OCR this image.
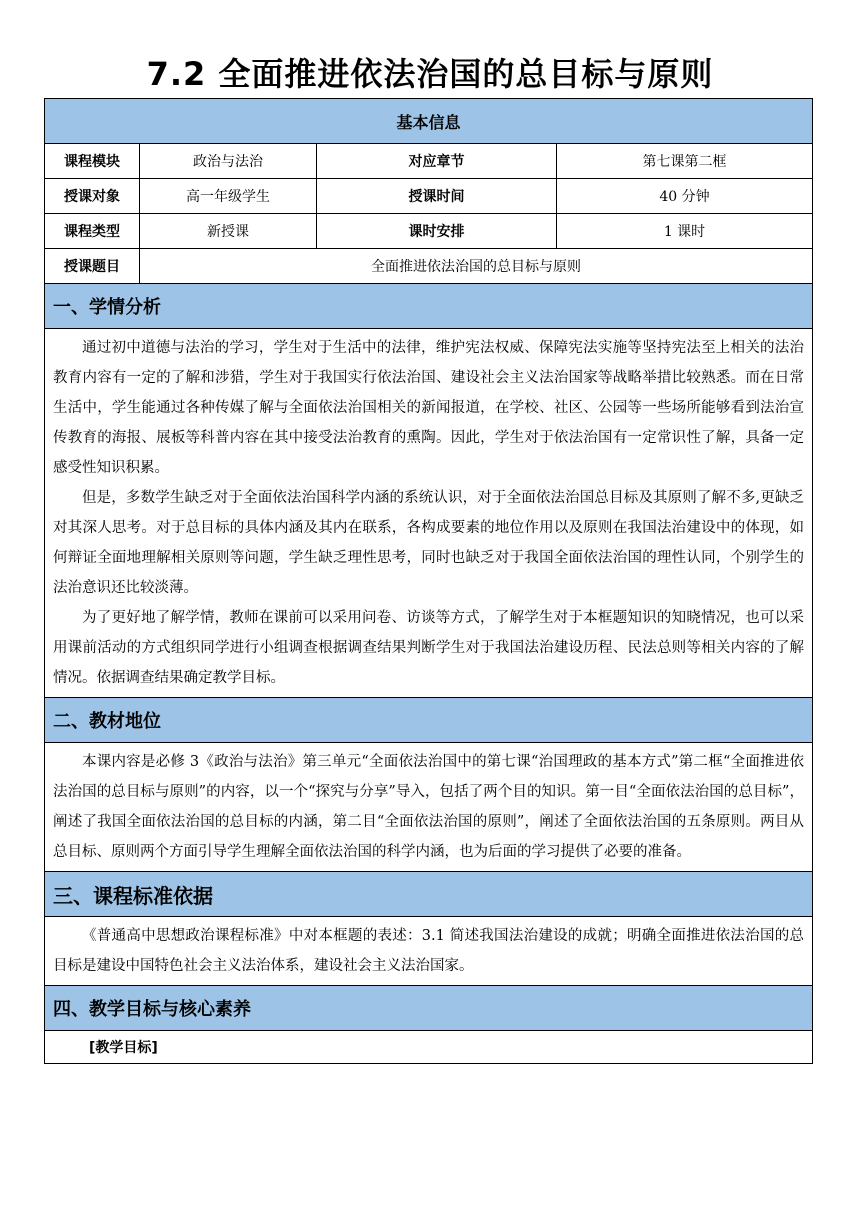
7.2 全面推进依法治国的总目标与原则
基本信息			
课程模块	政治与法治	对应章节	第七课第二框
授课对象	高一年级学生	授课时间	40 分钟
课程类型	新授课	课时安排	1 课时
授课题目	全面推进依法治国的总目标与原则		
一、学情分析			

通过初中道德与法治的学习，学生对于生活中的法律，维护宪法权威、保障宪法实施等坚持宪法至上相关的法治教育内容有一定的了解和涉猎，学生对于我国实行依法治国、建设社会主义法治国家等战略举措比较熟悉。而在日常生活中，学生能通过各种传媒了解与全面依法治国相关的新闻报道，在学校、社区、公园等一些场所能够看到法治宣传教育的海报、展板等科普内容在其中接受法治教育的熏陶。因此，学生对于依法治国有一定常识性了解，具备一定感受性知识积累。

但是，多数学生缺乏对于全面依法治国科学内涵的系统认识，对于全面依法治国总目标及其原则了解不多,更缺乏对其深人思考。对于总目标的具体内涵及其内在联系，各构成要素的地位作用以及原则在我国法治建设中的体现，如何辩证全面地理解相关原则等问题，学生缺乏理性思考，同时也缺乏对于我国全面依法治国的理性认同，个别学生的法治意识还比较淡薄。

为了更好地了解学情，教师在课前可以采用问卷、访谈等方式，了解学生对于本框题知识的知晓情况，也可以采用课前活动的方式组织同学进行小组调查根据调查结果判断学生对于我国法治建设历程、民法总则等相关内容的了解情况。依据调查结果确定教学目标。			

二、教材地位			

本课内容是必修 3《政治与法治》第三单元“全面依法治国中的第七课“治国理政的基本方式”第二框“全面推进依法治国的总目标与原则”的内容，以一个“探究与分享”导入，包括了两个目的知识。第一目“全面依法治国的总目标”，阐述了我国全面依法治国的总目标的内涵，第二目“全面依法治国的原则”，阐述了全面依法治国的五条原则。两目从总目标、原则两个方面引导学生理解全面依法治国的科学内涵，也为后面的学习提供了必要的准备。			

三、课程标准依据			

《普通高中思想政治课程标准》中对本框题的表述：3.1 简述我国法治建设的成就；明确全面推进依法治国的总目标是建设中国特色社会主义法治体系，建设社会主义法治国家。			

四、教学目标与核心素养			
[教学目标]			
